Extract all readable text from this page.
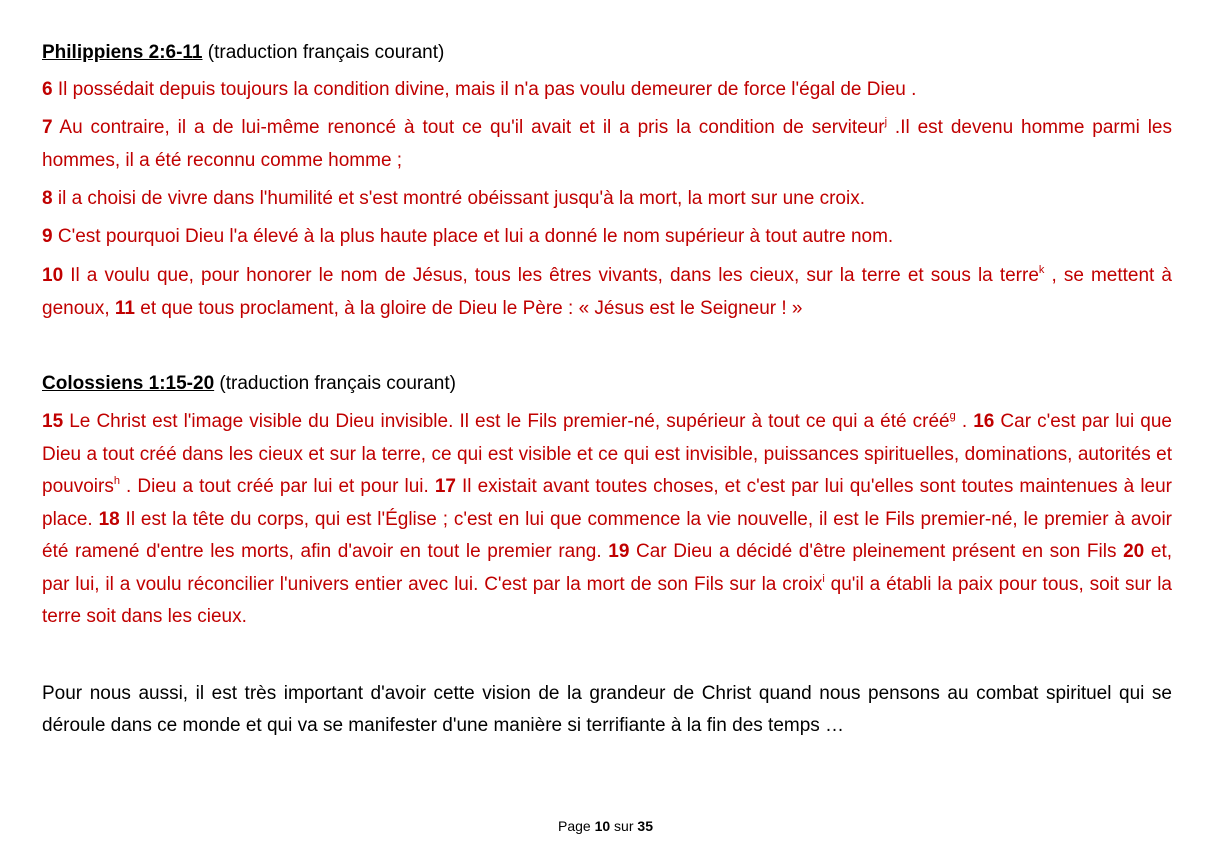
Philippiens 2:6-11 (traduction français courant)
6 Il possédait depuis toujours la condition divine, mais il n'a pas voulu demeurer de force l'égal de Dieu .
7 Au contraire, il a de lui-même renoncé à tout ce qu'il avait et il a pris la condition de serviteur$^j$ .Il est devenu homme parmi les hommes, il a été reconnu comme homme ;
8 il a choisi de vivre dans l'humilité et s'est montré obéissant jusqu'à la mort, la mort sur une croix.
9 C'est pourquoi Dieu l'a élevé à la plus haute place et lui a donné le nom supérieur à tout autre nom.
10 Il a voulu que, pour honorer le nom de Jésus, tous les êtres vivants, dans les cieux, sur la terre et sous la terre$^k$ , se mettent à genoux, 11 et que tous proclament, à la gloire de Dieu le Père : « Jésus est le Seigneur ! »
Colossiens 1:15-20 (traduction français courant)
15 Le Christ est l'image visible du Dieu invisible. Il est le Fils premier-né, supérieur à tout ce qui a été créé$^g$ . 16 Car c'est par lui que Dieu a tout créé dans les cieux et sur la terre, ce qui est visible et ce qui est invisible, puissances spirituelles, dominations, autorités et pouvoirs$^h$ . Dieu a tout créé par lui et pour lui. 17 Il existait avant toutes choses, et c'est par lui qu'elles sont toutes maintenues à leur place. 18 Il est la tête du corps, qui est l'Église ; c'est en lui que commence la vie nouvelle, il est le Fils premier-né, le premier à avoir été ramené d'entre les morts, afin d'avoir en tout le premier rang. 19 Car Dieu a décidé d'être pleinement présent en son Fils 20 et, par lui, il a voulu réconcilier l'univers entier avec lui. C'est par la mort de son Fils sur la croix$^i$ qu'il a établi la paix pour tous, soit sur la terre soit dans les cieux.
Pour nous aussi, il est très important d'avoir cette vision de la grandeur de Christ quand nous pensons au combat spirituel qui se déroule dans ce monde et qui va se manifester d'une manière si terrifiante à la fin des temps …
Page 10 sur 35
